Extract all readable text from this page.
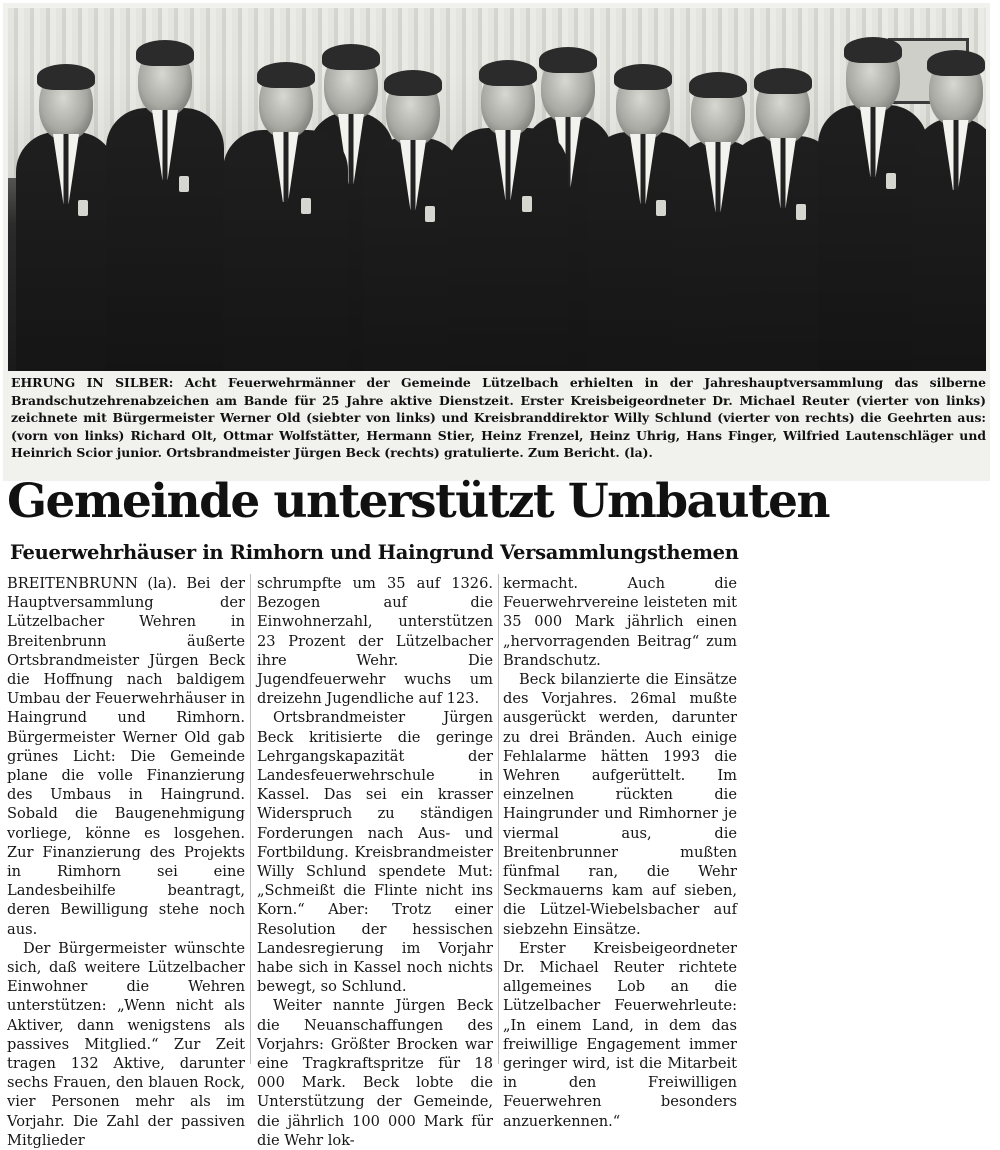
EHRUNG IN SILBER: Acht Feuerwehrmänner der Gemeinde Lützelbach erhielten in der Jahreshauptversammlung das silberne Brandschutzehrenabzeichen am Bande für 25 Jahre aktive Dienstzeit. Erster Kreisbeigeordneter Dr. Michael Reuter (vierter von links) zeichnete mit Bürgermeister Werner Old (siebter von links) und Kreisbranddirektor Willy Schlund (vierter von rechts) die Geehrten aus: (vorn von links) Richard Olt, Ottmar Wolfstätter, Hermann Stier, Heinz Frenzel, Heinz Uhrig, Hans Finger, Wilfried Lautenschläger und Heinrich Scior junior. Ortsbrandmeister Jürgen Beck (rechts) gratulierte. Zum Bericht. (la).
Gemeinde unterstützt Umbauten
Feuerwehrhäuser in Rimhorn und Haingrund Versammlungsthemen

BREITENBRUNN (la). Bei der Hauptversammlung der Lützelbacher Wehren in Breitenbrunn äußerte Ortsbrandmeister Jürgen Beck die Hoffnung nach baldigem Umbau der Feuerwehrhäuser in Haingrund und Rimhorn. Bürgermeister Werner Old gab grünes Licht: Die Gemeinde plane die volle Finanzierung des Umbaus in Haingrund. Sobald die Baugenehmigung vorliege, könne es losgehen. Zur Finanzierung des Projekts in Rimhorn sei eine Landesbeihilfe beantragt, deren Bewilligung stehe noch aus.

Der Bürgermeister wünschte sich, daß weitere Lützelbacher Einwohner die Wehren unterstützen: „Wenn nicht als Aktiver, dann wenigstens als passives Mitglied.“ Zur Zeit tragen 132 Aktive, darunter sechs Frauen, den blauen Rock, vier Personen mehr als im Vorjahr. Die Zahl der passiven Mitglieder

schrumpfte um 35 auf 1326. Bezogen auf die Einwohnerzahl, unterstützen 23 Prozent der Lützelbacher ihre Wehr. Die Jugendfeuerwehr wuchs um dreizehn Jugendliche auf 123.

Ortsbrandmeister Jürgen Beck kritisierte die geringe Lehrgangskapazität der Landesfeuerwehrschule in Kassel. Das sei ein krasser Widerspruch zu ständigen Forderungen nach Aus- und Fortbildung. Kreisbrandmeister Willy Schlund spendete Mut: „Schmeißt die Flinte nicht ins Korn.“ Aber: Trotz einer Resolution der hessischen Landesregierung im Vorjahr habe sich in Kassel noch nichts bewegt, so Schlund.

Weiter nannte Jürgen Beck die Neuanschaffungen des Vorjahrs: Größter Brocken war eine Tragkraftspritze für 18 000 Mark. Beck lobte die Unterstützung der Gemeinde, die jährlich 100 000 Mark für die Wehr lok-

kermacht. Auch die Feuerwehrvereine leisteten mit 35 000 Mark jährlich einen „hervorragenden Beitrag“ zum Brandschutz.

Beck bilanzierte die Einsätze des Vorjahres. 26mal mußte ausgerückt werden, darunter zu drei Bränden. Auch einige Fehlalarme hätten 1993 die Wehren aufgerüttelt. Im einzelnen rückten die Haingrunder und Rimhorner je viermal aus, die Breitenbrunner mußten fünfmal ran, die Wehr Seckmauerns kam auf sieben, die Lützel-Wiebelsbacher auf siebzehn Einsätze.

Erster Kreisbeigeordneter Dr. Michael Reuter richtete allgemeines Lob an die Lützelbacher Feuerwehrleute: „In einem Land, in dem das freiwillige Engagement immer geringer wird, ist die Mitarbeit in den Freiwilligen Feuerwehren besonders anzuerkennen.“
